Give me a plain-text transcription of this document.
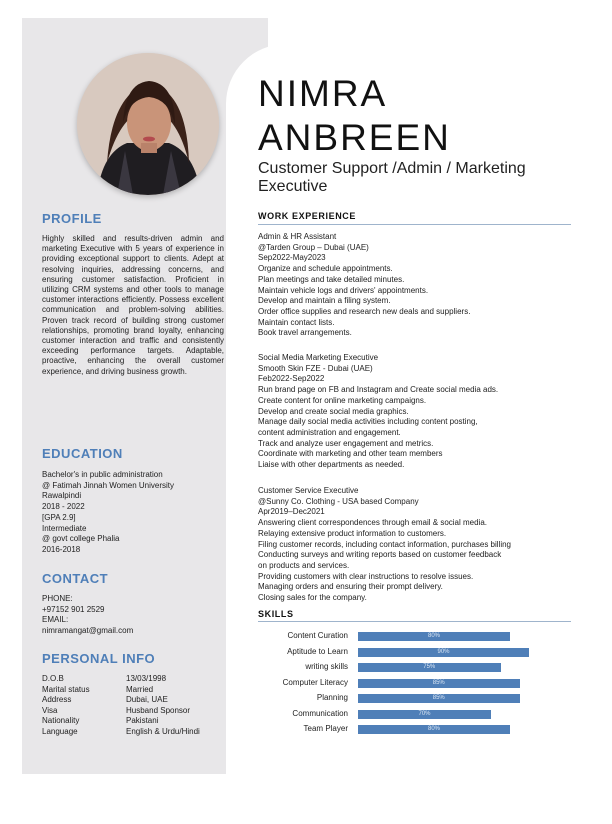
PROFILE
Highly skilled and results-driven admin and marketing Executive with 5 years of experience in providing exceptional support to clients. Adept at resolving inquiries, addressing concerns, and ensuring customer satisfaction. Proficient in utilizing CRM systems and other tools to manage customer interactions efficiently. Possess excellent communication and problem-solving abilities. Proven track record of building strong customer relationships, promoting brand loyalty, enhancing customer interaction and traffic and consistently exceeding performance targets. Adaptable, proactive, enhancing the overall customer experience, and driving business growth.
EDUCATION
Bachelor's in public administration
@ Fatimah Jinnah Women University
Rawalpindi
2018 - 2022
[GPA 2.9]
Intermediate
@ govt college Phalia
2016-2018
CONTACT
PHONE:
+97152 901 2529
EMAIL:
nimramangat@gmail.com
PERSONAL INFO
D.O.B	13/03/1998
Marital status	Married
Address	Dubai, UAE
Visa	Husband Sponsor
Nationality	Pakistani
Language	English & Urdu/Hindi
NIMRA
ANBREEN
Customer Support /Admin / Marketing Executive
WORK EXPERIENCE
Admin & HR Assistant
@Tarden Group – Dubai (UAE)
Sep2022-May2023
Organize and schedule appointments.
Plan meetings and take detailed minutes.
Maintain vehicle logs and drivers' appointments.
Develop and maintain a filing system.
Order office supplies and research new deals and suppliers.
Maintain contact lists.
Book travel arrangements.
Social Media Marketing Executive
Smooth Skin FZE - Dubai (UAE)
Feb2022-Sep2022
Run brand page on FB and Instagram and Create social media ads.
Create content for online marketing campaigns.
Develop and create social media graphics.
Manage daily social media activities including content posting,
content administration and engagement.
Track and analyze user engagement and metrics.
Coordinate with marketing and other team members
Liaise with other departments as needed.
Customer Service Executive
@Sunny Co. Clothing - USA based Company
Apr2019–Dec2021
Answering client correspondences through email & social media.
Relaying extensive product information to customers.
Filing customer records, including contact information, purchases billing
Conducting surveys and writing reports based on customer feedback
on products and services.
Providing customers with clear instructions to resolve issues.
Managing orders and ensuring their prompt delivery.
Closing sales for the company.
SKILLS
Content Curation	80%
Aptitude to Learn	90%
writing skills	75%
Computer Literacy	85%
Planning	85%
Communication	70%
Team Player	80%
